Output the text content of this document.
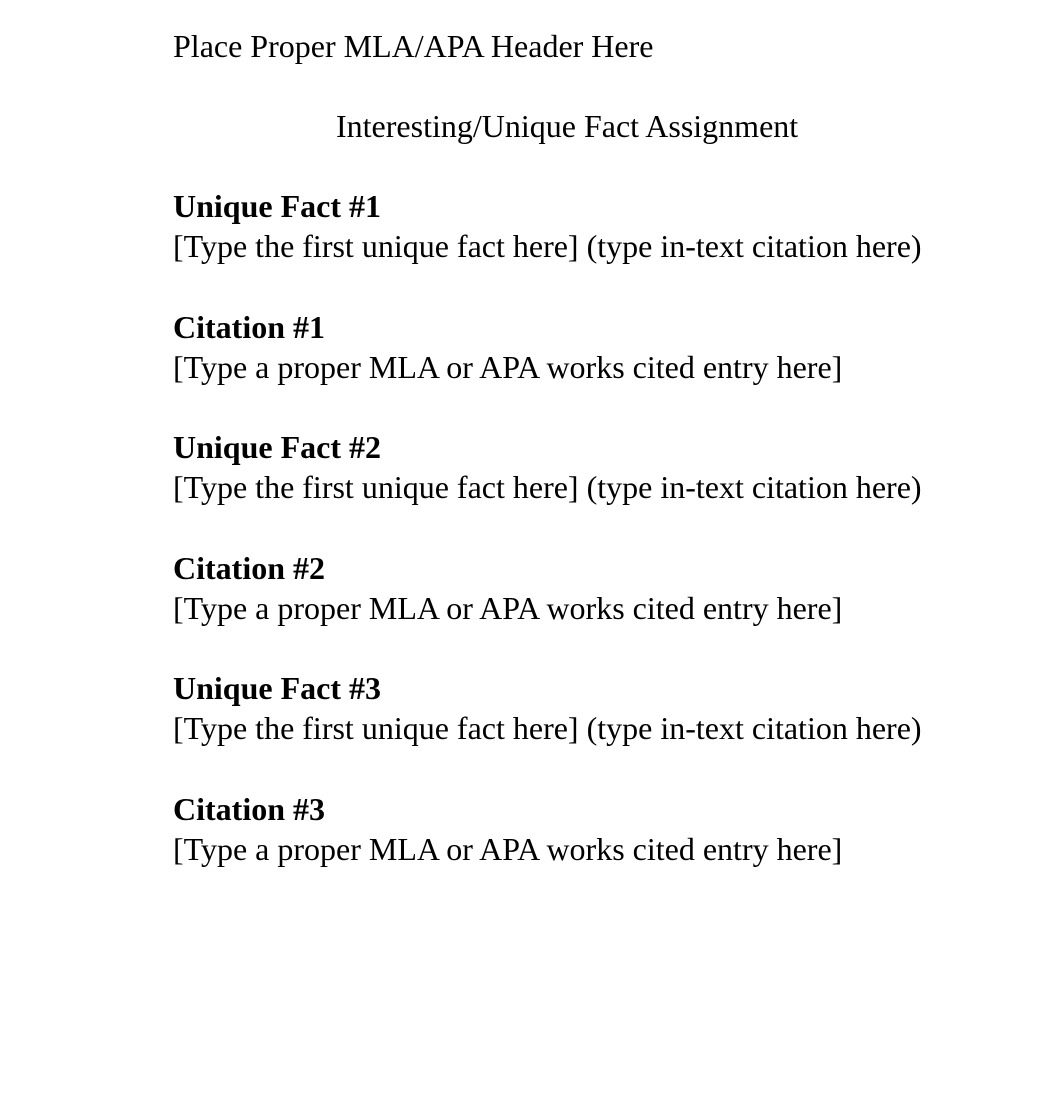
Place Proper MLA/APA Header Here
Interesting/Unique Fact Assignment
Unique Fact #1
[Type the first unique fact here] (type in-text citation here)
Citation #1
[Type a proper MLA or APA works cited entry here]
Unique Fact #2
[Type the first unique fact here] (type in-text citation here)
Citation #2
[Type a proper MLA or APA works cited entry here]
Unique Fact #3
[Type the first unique fact here] (type in-text citation here)
Citation #3
[Type a proper MLA or APA works cited entry here]
